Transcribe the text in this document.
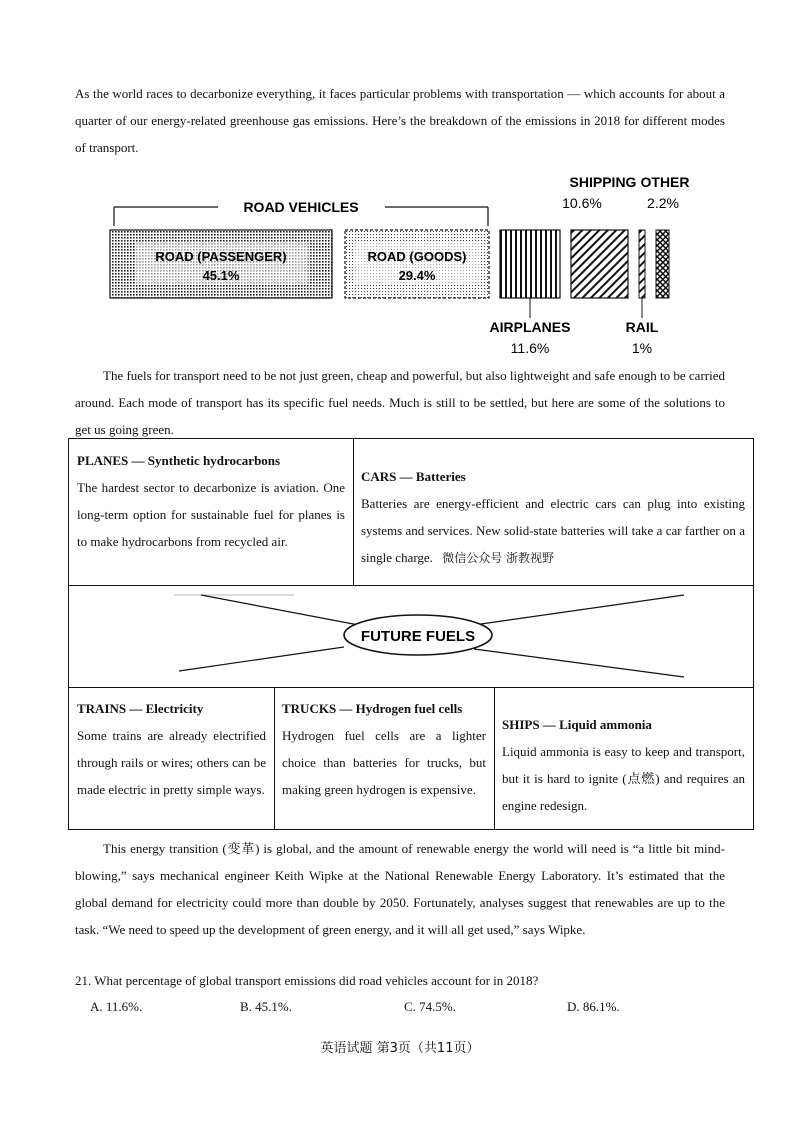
As the world races to decarbonize everything, it faces particular problems with transportation — which accounts for about a quarter of our energy-related greenhouse gas emissions. Here’s the breakdown of the emissions in 2018 for different modes of transport.

ROAD VEHICLES
ROAD (PASSENGER)
45.1%
ROAD (GOODS)
29.4%
SHIPPING OTHER
10.6%	2.2%
AIRPLANES
11.6%
RAIL
1%

The fuels for transport need to be not just green, cheap and powerful, but also lightweight and safe enough to be carried around. Each mode of transport has its specific fuel needs. Much is still to be settled, but here are some of the solutions to get us going green.

PLANES — Synthetic hydrocarbons
The hardest sector to decarbonize is aviation. One long-term option for sustainable fuel for planes is to make hydrocarbons from recycled air.
CARS — Batteries
Batteries are energy-efficient and electric cars can plug into existing systems and services. New solid-state batteries will take a car farther on a single charge. 微信公众号 浙教视野
FUTURE FUELS
TRAINS — Electricity
Some trains are already electrified through rails or wires; others can be made electric in pretty simple ways.
TRUCKS — Hydrogen fuel cells
Hydrogen fuel cells are a lighter choice than batteries for trucks, but making green hydrogen is expensive.
SHIPS — Liquid ammonia
Liquid ammonia is easy to keep and transport, but it is hard to ignite (点燃) and requires an engine redesign.

This energy transition (变革) is global, and the amount of renewable energy the world will need is “a little bit mind-blowing,” says mechanical engineer Keith Wipke at the National Renewable Energy Laboratory. It’s estimated that the global demand for electricity could more than double by 2050. Fortunately, analyses suggest that renewables are up to the task. “We need to speed up the development of green energy, and it will all get used,” says Wipke.

21. What percentage of global transport emissions did road vehicles account for in 2018?
A. 11.6%.	B. 45.1%.	C. 74.5%.	D. 86.1%.
英语试题 第3页（共11页）
